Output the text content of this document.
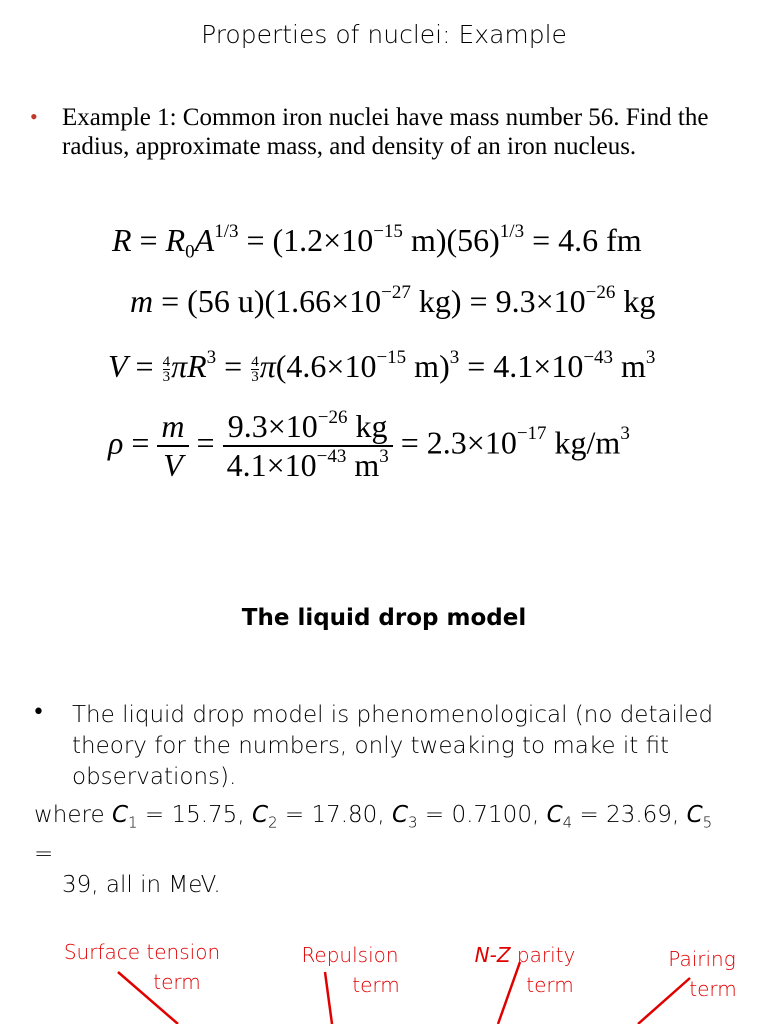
Properties of nuclei: Example
• Example 1: Common iron nuclei have mass number 56. Find the radius, approximate mass, and density of an iron nucleus.
$R = R_0A^{1/3} = (1.2\times 10^{-15}$ $m)(56)^{1/3} = 4.6$ fm
m = (56 $u)(1.66\times 10^{-27}$ $kg) = 9.3\times 10^{-26}$ kg
$V = \frac{4}{3} \pi R^3 = \frac{4}{3} \pi(4.6\times 10^{-15}$ $m)^3 = 4.1\times 10^{-43}$ $m^3$
$\rho = \frac{m}{V} = \frac{9.3\times 10^{-26} kg}{4.1\times 10^{-43} m^3} = 2.3\times 10^{-17}$ $kg/m^3$
The liquid drop model
• The liquid drop model is phenomenological (no detailed theory for the numbers, only tweaking to make it fit observations).
where $C_1 = 15.75$, $C_2 = 17.80$, $C_3 = 0.7100$, $C_4 = 23.69$, $C_5$ =
39, all in MeV.
Surface tension
term
Repulsion
term
N-Z parity
term
Pairing
term
